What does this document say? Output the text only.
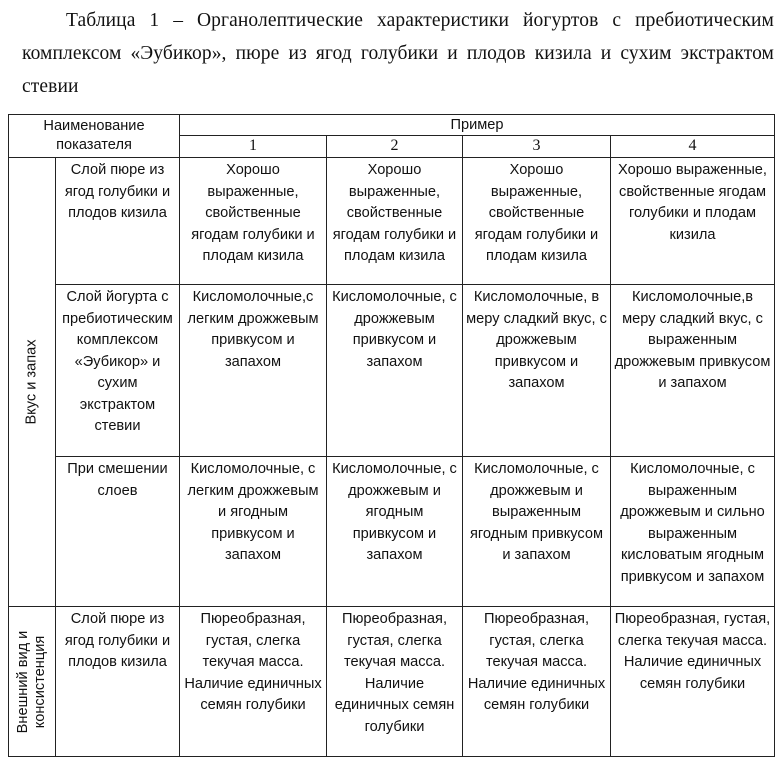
Таблица 1 – Органолептические характеристики йогуртов с пребиотическим комплексом «Эубикор», пюре из ягод голубики и плодов кизила и сухим экстрактом стевии
Наименование показателя		Пример			
		1	2	3	4

Вкус и запах	Слой пюре из ягод голубики и плодов кизила	Хорошо выраженные, свойственные ягодам голубики и плодам кизила	Хорошо выраженные, свойственные ягодам голубики и плодам кизила	Хорошо выраженные, свойственные ягодам голубики и плодам кизила	Хорошо выраженные, свойственные ягодам голубики и плодам кизила
	Слой йогурта с пребиотическим комплексом «Эубикор» и сухим экстрактом стевии	Кисломолочные,с легким дрожжевым привкусом и запахом	Кисломолочные, с дрожжевым привкусом и запахом	Кисломолочные, в меру сладкий вкус, с дрожжевым привкусом и запахом	Кисломолочные,в меру сладкий вкус, с выраженным дрожжевым привкусом и запахом
	При смешении слоев	Кисломолочные, с легким дрожжевым и ягодным привкусом и запахом	Кисломолочные, с дрожжевым и ягодным привкусом и запахом	Кисломолочные, с дрожжевым и выраженным ягодным привкусом и запахом	Кисломолочные, с выраженным дрожжевым и сильно выраженным кисловатым ягодным привкусом и запахом

Внешний вид и
консистенция	Слой пюре из ягод голубики и плодов кизила	Пюреобразная, густая, слегка текучая масса. Наличие единичных семян голубики	Пюреобразная, густая, слегка текучая масса. Наличие единичных семян голубики	Пюреобразная, густая, слегка текучая масса. Наличие единичных семян голубики	Пюреобразная, густая, слегка текучая масса. Наличие единичных семян голубики
